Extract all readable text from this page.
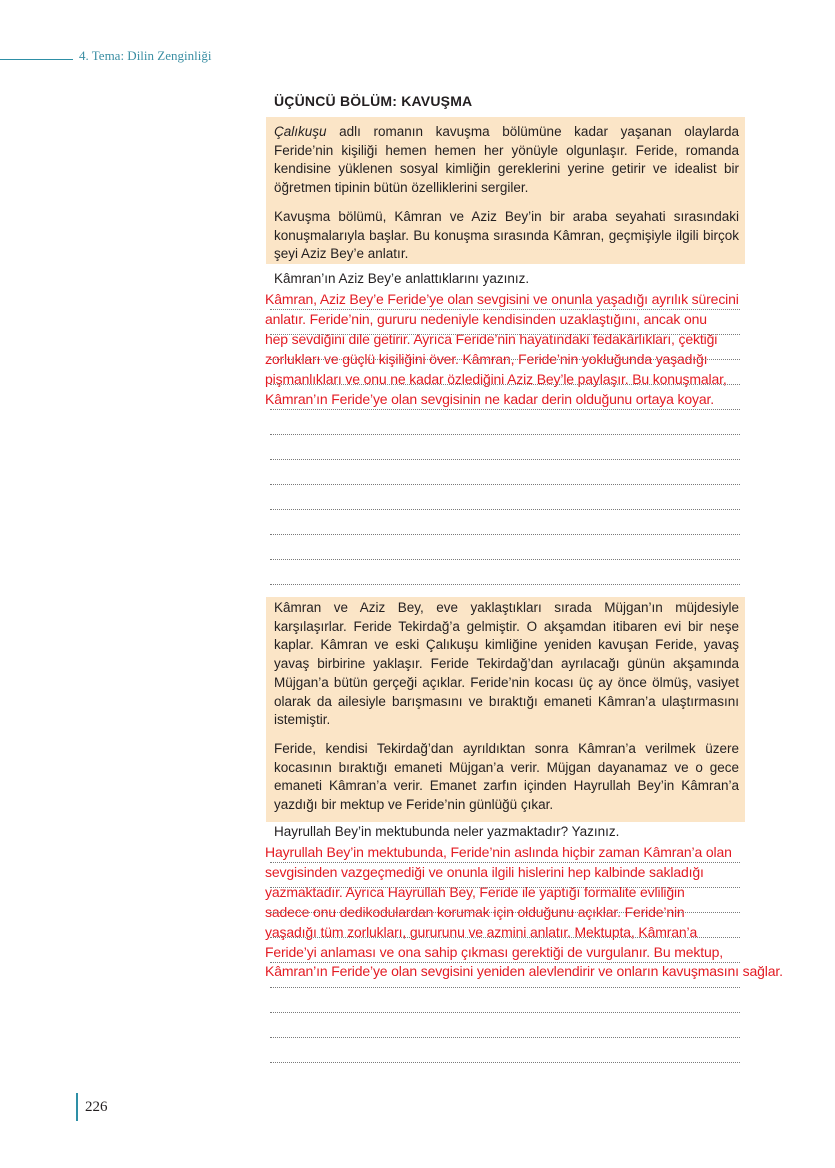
4. Tema: Dilin Zenginliği
ÜÇÜNCÜ BÖLÜM: KAVUŞMA

Çalıkuşu adlı romanın kavuşma bölümüne kadar yaşanan olaylarda Feride’nin kişiliği hemen hemen her yönüyle olgunlaşır. Feride, romanda kendisine yüklenen sosyal kimliğin gereklerini yerine getirir ve idealist bir öğretmen tipinin bütün özelliklerini sergiler.

Kavuşma bölümü, Kâmran ve Aziz Bey’in bir araba seyahati sırasındaki konuşmalarıyla başlar. Bu konuşma sırasında Kâmran, geçmişiyle ilgili birçok şeyi Aziz Bey’e anlatır.

Kâmran’ın Aziz Bey’e anlattıklarını yazınız.
Kâmran, Aziz Bey’e Feride’ye olan sevgisini ve onunla yaşadığı ayrılık sürecini
anlatır. Feride’nin, gururu nedeniyle kendisinden uzaklaştığını, ancak onu
hep sevdiğini dile getirir. Ayrıca Feride’nin hayatındaki fedakârlıkları, çektiği
zorlukları ve güçlü kişiliğini över. Kâmran, Feride’nin yokluğunda yaşadığı
pişmanlıkları ve onu ne kadar özlediğini Aziz Bey’le paylaşır. Bu konuşmalar,
Kâmran’ın Feride’ye olan sevgisinin ne kadar derin olduğunu ortaya koyar.

Kâmran ve Aziz Bey, eve yaklaştıkları sırada Müjgan’ın müjdesiyle karşılaşırlar. Feride Tekirdağ’a gelmiştir. O akşamdan itibaren evi bir neşe kaplar. Kâmran ve eski Çalıkuşu kimliğine yeniden kavuşan Feride, yavaş yavaş birbirine yaklaşır. Feride Tekirdağ’dan ayrılacağı günün akşamında Müjgan’a bütün gerçeği açıklar. Feride’nin kocası üç ay önce ölmüş, vasiyet olarak da ailesiyle barışmasını ve bıraktığı emaneti Kâmran’a ulaştırmasını istemiştir.

Feride, kendisi Tekirdağ’dan ayrıldıktan sonra Kâmran’a verilmek üzere kocasının bıraktığı emaneti Müjgan’a verir. Müjgan dayanamaz ve o gece emaneti Kâmran’a verir. Emanet zarfın içinden Hayrullah Bey’in Kâmran’a yazdığı bir mektup ve Feride’nin günlüğü çıkar.

Hayrullah Bey’in mektubunda neler yazmaktadır? Yazınız.
Hayrullah Bey’in mektubunda, Feride’nin aslında hiçbir zaman Kâmran’a olan
sevgisinden vazgeçmediği ve onunla ilgili hislerini hep kalbinde sakladığı
yazmaktadır. Ayrıca Hayrullah Bey, Feride ile yaptığı formalite evliliğin
sadece onu dedikodulardan korumak için olduğunu açıklar. Feride’nin
yaşadığı tüm zorlukları, gururunu ve azmini anlatır. Mektupta, Kâmran’a
Feride’yi anlaması ve ona sahip çıkması gerektiği de vurgulanır. Bu mektup,
Kâmran’ın Feride’ye olan sevgisini yeniden alevlendirir ve onların kavuşmasını sağlar.
226
